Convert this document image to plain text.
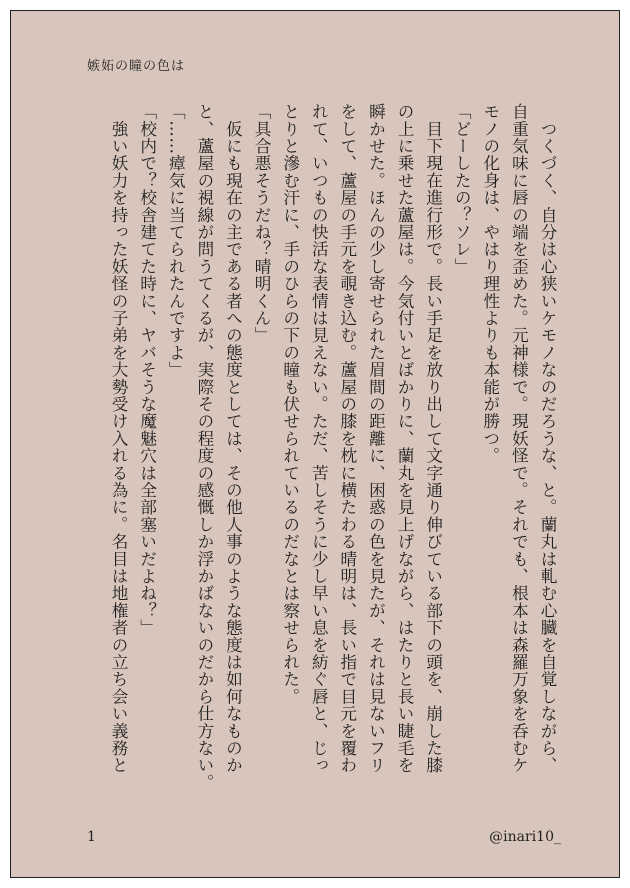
嫉妬の瞳の色は

　つくづく、自分は心狭いケモノなのだろうな、と。蘭丸は軋む心臓を自覚しながら、

自重気味に唇の端を歪めた。元神様で。現妖怪で。それでも、根本は森羅万象を呑むケ

モノの化身は、やはり理性よりも本能が勝つ。

「どーしたの？ソレ」

　目下現在進行形で。長い手足を放り出して文字通り伸びている部下の頭を、崩した膝

の上に乗せた蘆屋は。今気付いとばかりに、蘭丸を見上げながら、はたりと長い睫毛を

瞬かせた。ほんの少し寄せられた眉間の距離に、困惑の色を見たが、それは見ないフリ

をして、蘆屋の手元を覗き込む。蘆屋の膝を枕に横たわる晴明は、長い指で目元を覆わ

れて、いつもの快活な表情は見えない。ただ、苦しそうに少し早い息を紡ぐ唇と、じっ

とりと滲む汗に、手のひらの下の瞳も伏せられているのだなとは察せられた。

「具合悪そうだね？晴明くん」

　仮にも現在の主である者への態度としては、その他人事のような態度は如何なものか

と、蘆屋の視線が問うてくるが、実際その程度の感慨しか浮かばないのだから仕方ない。

「……瘴気に当てられたんですよ」

「校内で？校舎建てた時に、ヤバそうな魔魅穴は全部塞いだよね？」

　強い妖力を持った妖怪の子弟を大勢受け入れる為に。名目は地権者の立ち会い義務と

1	@inari10_
